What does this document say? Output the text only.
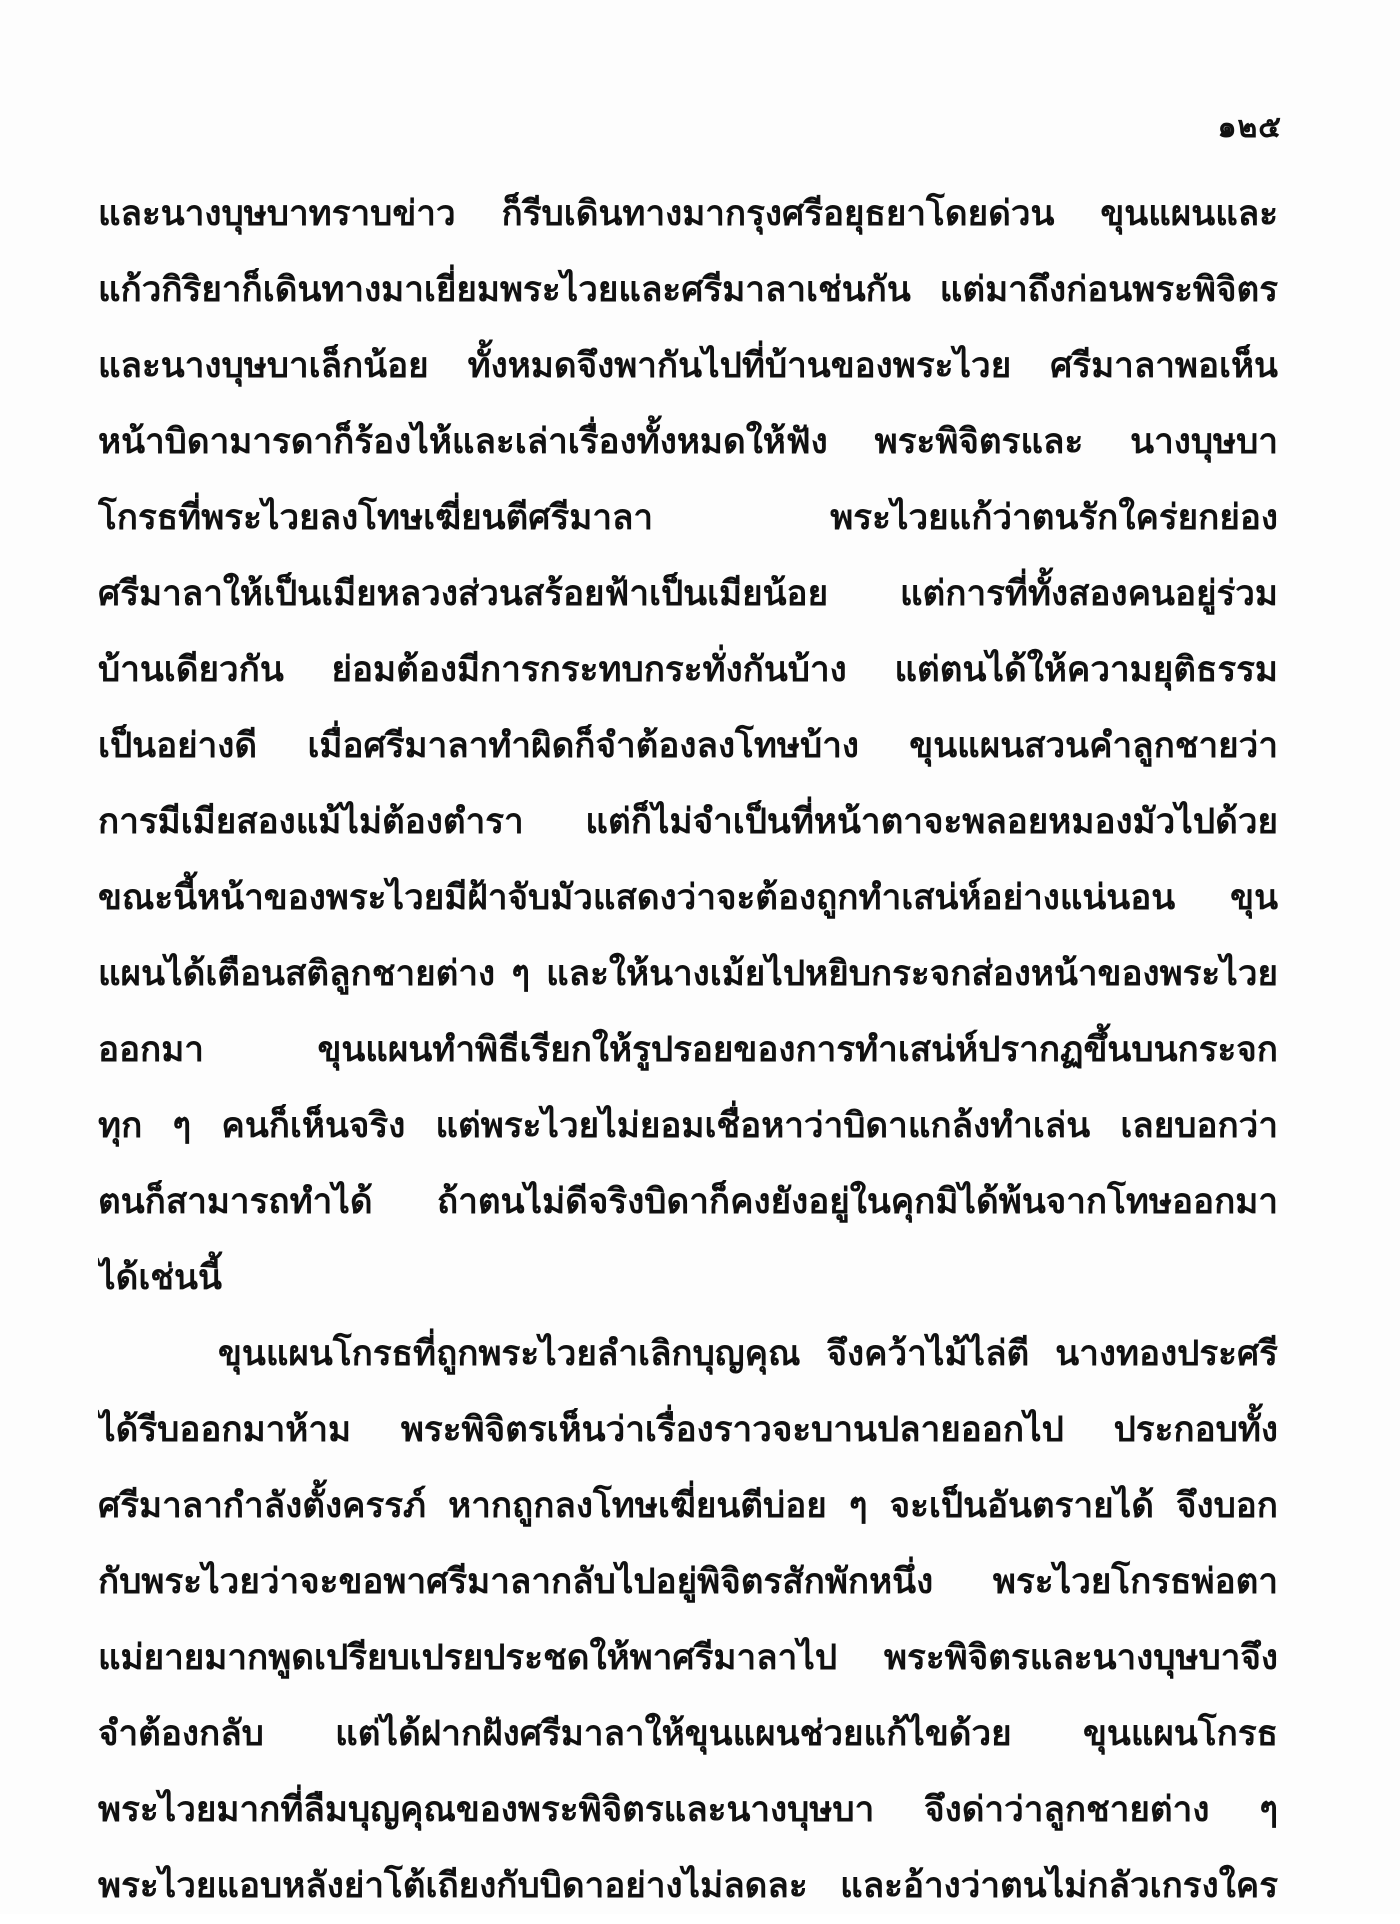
๑๒๕
และนางบุษบาทราบข่าว ก็รีบเดินทางมากรุงศรีอยุธยาโดยด่วน ขุนแผนและ
แก้วกิริยาก็เดินทางมาเยี่ยมพระไวยและศรีมาลาเช่นกัน แต่มาถึงก่อนพระพิจิตร
และนางบุษบาเล็กน้อย ทั้งหมดจึงพากันไปที่บ้านของพระไวย ศรีมาลาพอเห็น
หน้าบิดามารดาก็ร้องไห้และเล่าเรื่องทั้งหมดให้ฟัง พระพิจิตรและ นางบุษบา
โกรธที่พระไวยลงโทษเฆี่ยนตีศรีมาลา พระไวยแก้ว่าตนรักใคร่ยกย่อง
ศรีมาลาให้เป็นเมียหลวงส่วนสร้อยฟ้าเป็นเมียน้อย แต่การที่ทั้งสองคนอยู่ร่วม
บ้านเดียวกัน ย่อมต้องมีการกระทบกระทั่งกันบ้าง แต่ตนได้ให้ความยุติธรรม
เป็นอย่างดี เมื่อศรีมาลาทำผิดก็จำต้องลงโทษบ้าง ขุนแผนสวนคำลูกชายว่า
การมีเมียสองแม้ไม่ต้องตำรา แต่ก็ไม่จำเป็นที่หน้าตาจะพลอยหมองมัวไปด้วย
ขณะนี้หน้าของพระไวยมีฝ้าจับมัวแสดงว่าจะต้องถูกทำเสน่ห์อย่างแน่นอน ขุน
แผนได้เตือนสติลูกชายต่าง ๆ และให้นางเม้ยไปหยิบกระจกส่องหน้าของพระไวย
ออกมา ขุนแผนทำพิธีเรียกให้รูปรอยของการทำเสน่ห์ปรากฏขึ้นบนกระจก
ทุก ๆ คนก็เห็นจริง แต่พระไวยไม่ยอมเชื่อหาว่าบิดาแกล้งทำเล่น เลยบอกว่า
ตนก็สามารถทำได้ ถ้าตนไม่ดีจริงบิดาก็คงยังอยู่ในคุกมิได้พ้นจากโทษออกมา
ได้เช่นนี้
ขุนแผนโกรธที่ถูกพระไวยลำเลิกบุญคุณ จึงคว้าไม้ไล่ตี นางทองประศรี
ได้รีบออกมาห้าม พระพิจิตรเห็นว่าเรื่องราวจะบานปลายออกไป ประกอบทั้ง
ศรีมาลากำลังตั้งครรภ์ หากถูกลงโทษเฆี่ยนตีบ่อย ๆ จะเป็นอันตรายได้ จึงบอก
กับพระไวยว่าจะขอพาศรีมาลากลับไปอยู่พิจิตรสักพักหนึ่ง พระไวยโกรธพ่อตา
แม่ยายมากพูดเปรียบเปรยประชดให้พาศรีมาลาไป พระพิจิตรและนางบุษบาจึง
จำต้องกลับ แต่ได้ฝากฝังศรีมาลาให้ขุนแผนช่วยแก้ไขด้วย ขุนแผนโกรธ
พระไวยมากที่ลืมบุญคุณของพระพิจิตรและนางบุษบา จึงด่าว่าลูกชายต่าง ๆ
พระไวยแอบหลังย่าโต้เถียงกับบิดาอย่างไม่ลดละ และอ้างว่าตนไม่กลัวเกรงใคร
